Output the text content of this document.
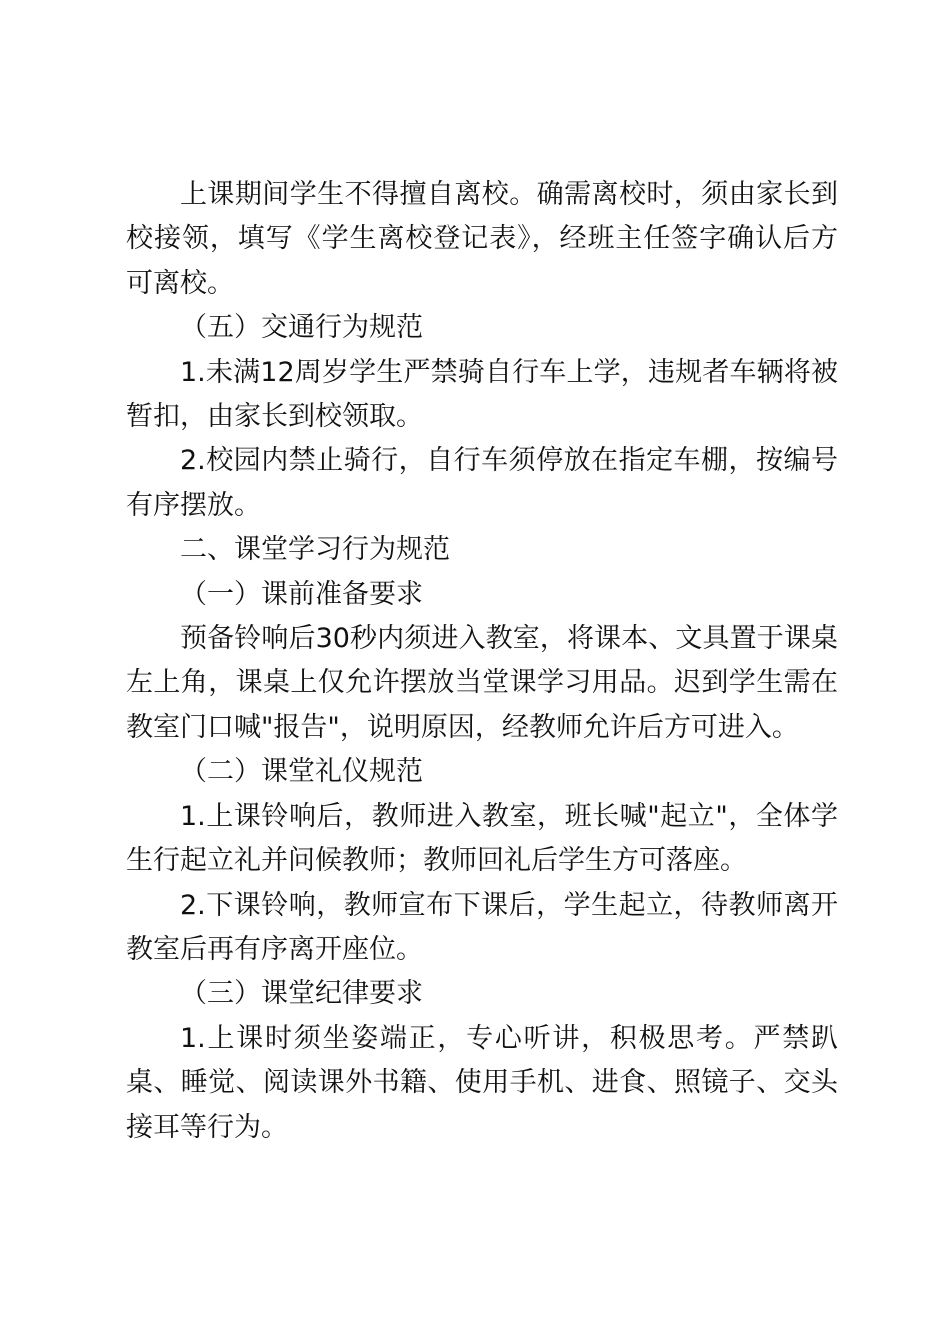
上课期间学生不得擅自离校。确需离校时，须由家长到校接领，填写《学生离校登记表》，经班主任签字确认后方可离校。

（五）交通行为规范

1.未满12周岁学生严禁骑自行车上学，违规者车辆将被暂扣，由家长到校领取。

2.校园内禁止骑行，自行车须停放在指定车棚，按编号有序摆放。

二、课堂学习行为规范

（一）课前准备要求

预备铃响后30秒内须进入教室，将课本、文具置于课桌左上角，课桌上仅允许摆放当堂课学习用品。迟到学生需在教室门口喊"报告"，说明原因，经教师允许后方可进入。

（二）课堂礼仪规范

1.上课铃响后，教师进入教室，班长喊"起立"，全体学生行起立礼并问候教师；教师回礼后学生方可落座。

2.下课铃响，教师宣布下课后，学生起立，待教师离开教室后再有序离开座位。

（三）课堂纪律要求

1.上课时须坐姿端正，专心听讲，积极思考。严禁趴桌、睡觉、阅读课外书籍、使用手机、进食、照镜子、交头接耳等行为。
